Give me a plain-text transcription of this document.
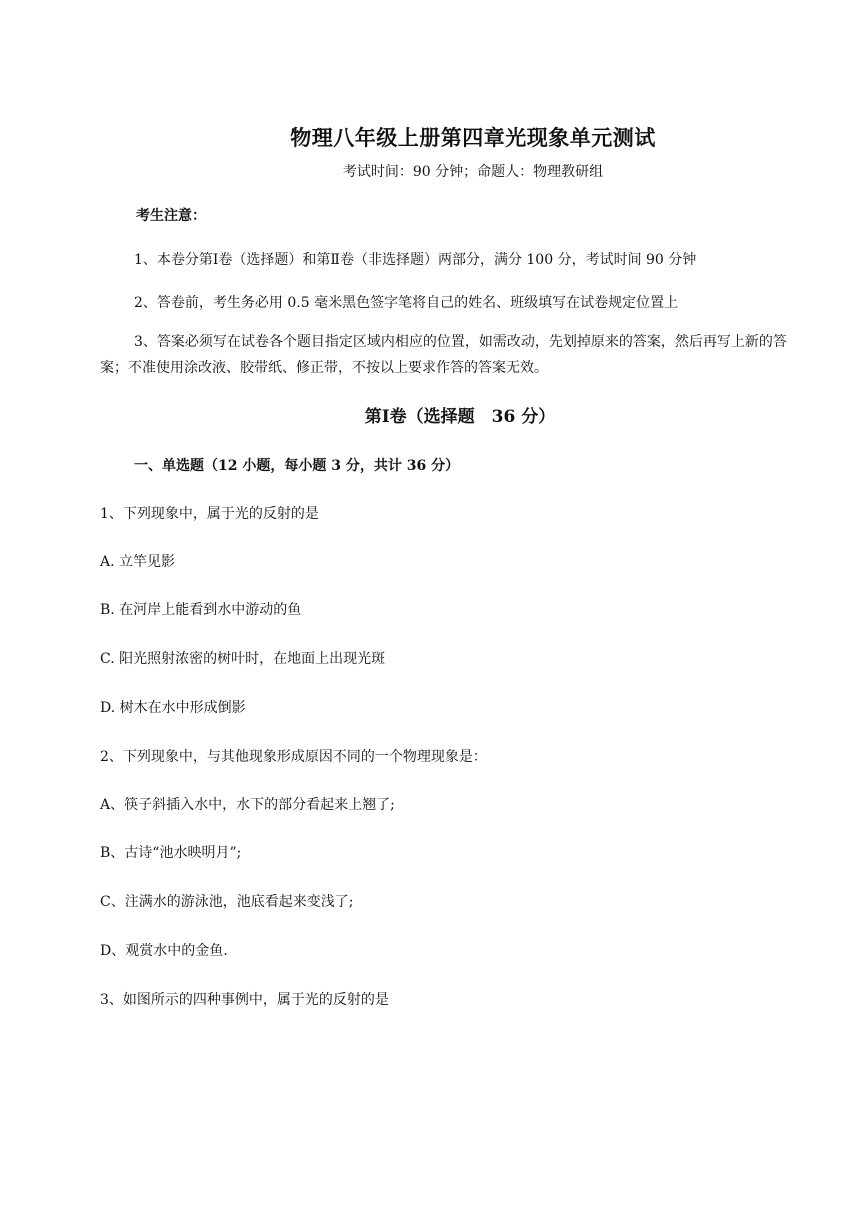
物理八年级上册第四章光现象单元测试
考试时间：90 分钟；命题人：物理教研组
考生注意：
1、本卷分第Ⅰ卷（选择题）和第Ⅱ卷（非选择题）两部分，满分 100 分，考试时间 90 分钟
2、答卷前，考生务必用 0.5 毫米黑色签字笔将自己的姓名、班级填写在试卷规定位置上
3、答案必须写在试卷各个题目指定区域内相应的位置，如需改动，先划掉原来的答案，然后再写上新的答案；不准使用涂改液、胶带纸、修正带，不按以上要求作答的答案无效。
第Ⅰ卷（选择题　36 分）
一、单选题（12 小题，每小题 3 分，共计 36 分）
1、下列现象中，属于光的反射的是
A. 立竿见影
B. 在河岸上能看到水中游动的鱼
C. 阳光照射浓密的树叶时，在地面上出现光斑
D. 树木在水中形成倒影
2、下列现象中，与其他现象形成原因不同的一个物理现象是：
A、筷子斜插入水中，水下的部分看起来上翘了;
B、古诗“池水映明月”;
C、注满水的游泳池，池底看起来变浅了;
D、观赏水中的金鱼.
3、如图所示的四种事例中，属于光的反射的是
